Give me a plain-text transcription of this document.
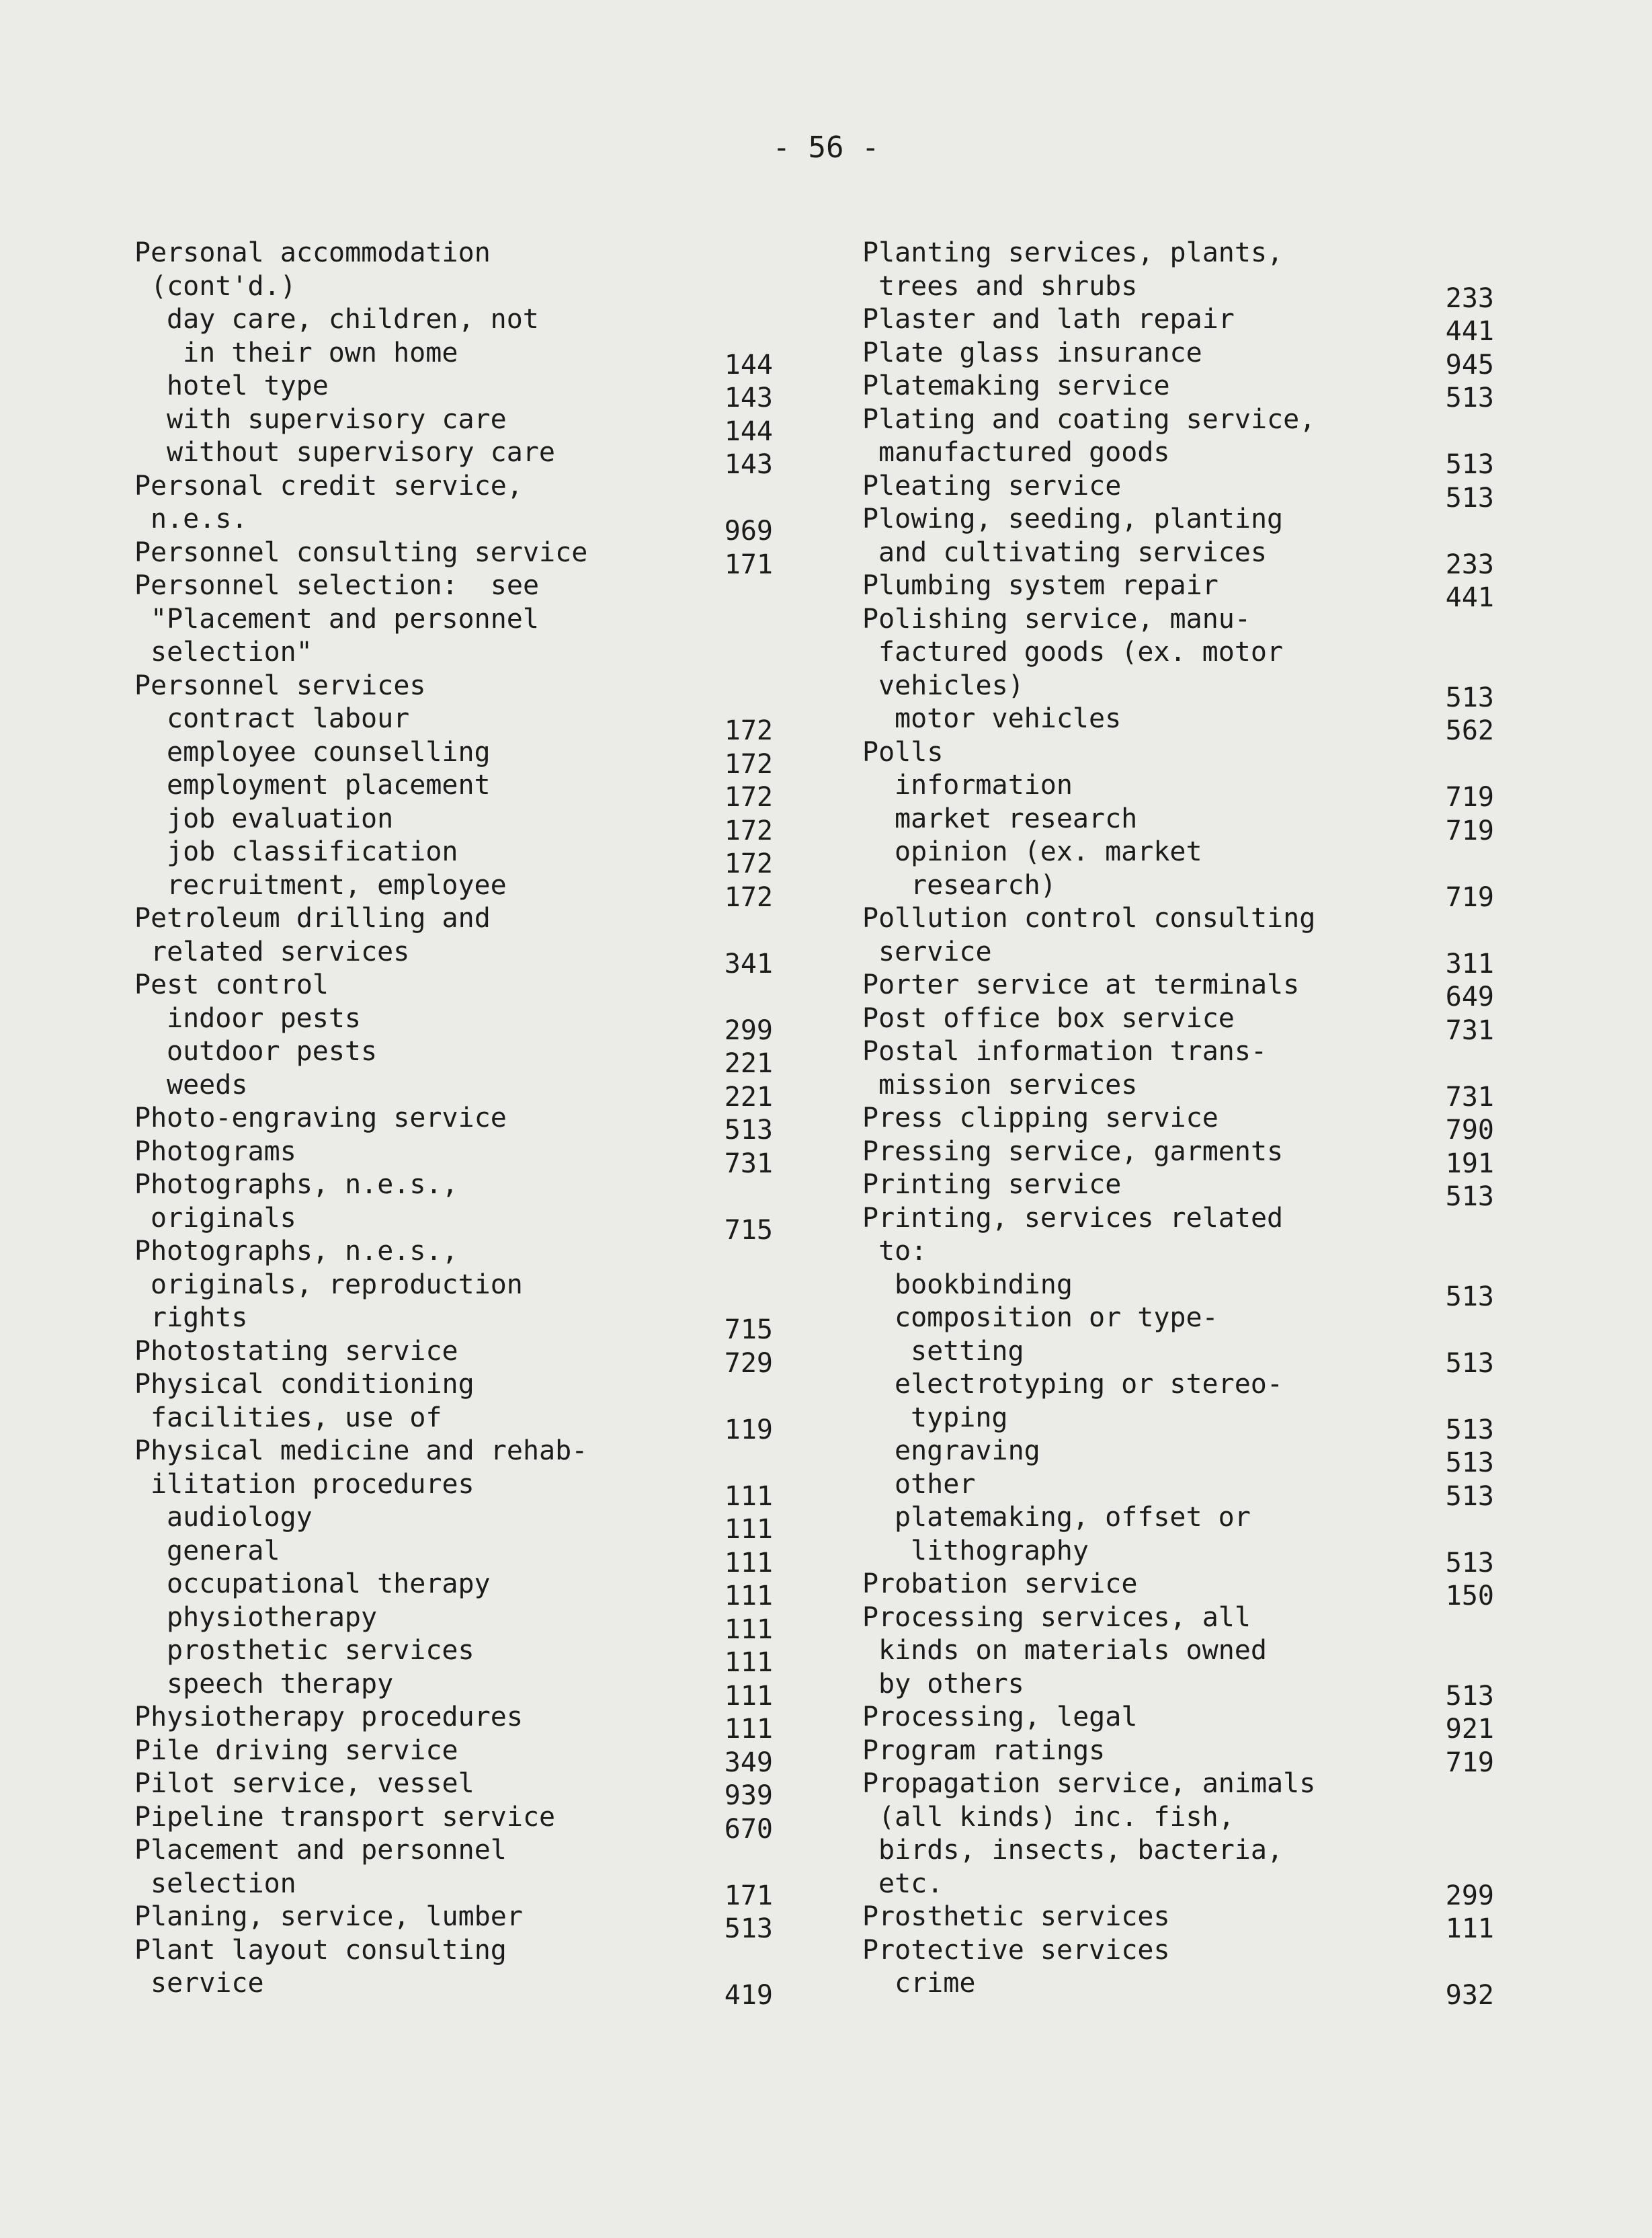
- 56 -
Personal accommodation
(cont'd.)
day care, children, not
in their own home	144
hotel type	143
with supervisory care	144
without supervisory care	143
Personal credit service,
n.e.s.	969
Personnel consulting service	171
Personnel selection:  see
"Placement and personnel
selection"
Personnel services
contract labour	172
employee counselling	172
employment placement	172
job evaluation	172
job classification	172
recruitment, employee	172
Petroleum drilling and
related services	341
Pest control
indoor pests	299
outdoor pests	221
weeds	221
Photo-engraving service	513
Photograms	731
Photographs, n.e.s.,
originals	715
Photographs, n.e.s.,
originals, reproduction
rights	715
Photostating service	729
Physical conditioning
facilities, use of	119
Physical medicine and rehab-
ilitation procedures	111
audiology	111
general	111
occupational therapy	111
physiotherapy	111
prosthetic services	111
speech therapy	111
Physiotherapy procedures	111
Pile driving service	349
Pilot service, vessel	939
Pipeline transport service	670
Placement and personnel
selection	171
Planing, service, lumber	513
Plant layout consulting
service	419
Planting services, plants,
trees and shrubs	233
Plaster and lath repair	441
Plate glass insurance	945
Platemaking service	513
Plating and coating service,
manufactured goods	513
Pleating service	513
Plowing, seeding, planting
and cultivating services	233
Plumbing system repair	441
Polishing service, manu-
factured goods (ex. motor
vehicles)	513
motor vehicles	562
Polls
information	719
market research	719
opinion (ex. market
research)	719
Pollution control consulting
service	311
Porter service at terminals	649
Post office box service	731
Postal information trans-
mission services	731
Press clipping service	790
Pressing service, garments	191
Printing service	513
Printing, services related
to:
bookbinding	513
composition or type-
setting	513
electrotyping or stereo-
typing	513
engraving	513
other	513
platemaking, offset or
lithography	513
Probation service	150
Processing services, all
kinds on materials owned
by others	513
Processing, legal	921
Program ratings	719
Propagation service, animals
(all kinds) inc. fish,
birds, insects, bacteria,
etc.	299
Prosthetic services	111
Protective services
crime	932
